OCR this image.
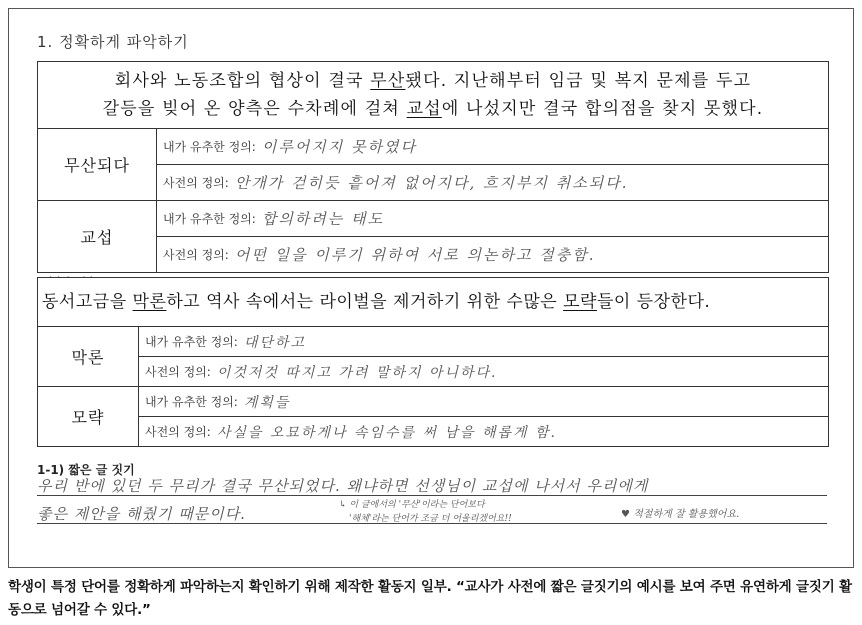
1. 정확하게 파악하기
회사와 노동조합의 협상이 결국 무산됐다. 지난해부터 임금 및 복지 문제를 두고
갈등을 빚어 온 양측은 수차례에 걸쳐 교섭에 나섰지만 결국 합의점을 찾지 못했다.	

무산되다	내가 유추한 정의: 이루어지지 못하였다

	사전의 정의: 안개가 걷히듯 흩어져 없어지다, 흐지부지 취소되다.

교섭	내가 유추한 정의: 합의하려는 태도

	사전의 정의: 어떤 일을 이루기 위하여 서로 의논하고 절충함.
동서고금을 막론하고 역사 속에서는 라이벌을 제거하기 위한 수많은 모략들이 등장한다.	

막론	내가 유추한 정의: 대단하고

	사전의 정의: 이것저것 따지고 가려 말하지 아니하다.

모략	내가 유추한 정의: 계획들

	사전의 정의: 사실을 오묘하게나 속임수를 써 남을 해롭게 함.
1-1) 짧은 글 짓기
우리 반에 있던 두 무리가 결국 무산되었다. 왜냐하면 선생님이 교섭에 나서서 우리에게
좋은 제안을 해줬기 때문이다.	↳ 이 글에서의 '무산'이라는 단어보다
'해체'라는 단어가 조금 더 어울리겠어요!!	♥ 적절하게 잘 활용했어요.
학생이 특정 단어를 정확하게 파악하는지 확인하기 위해 제작한 활동지 일부. “교사가 사전에 짧은 글짓기의 예시를 보여 주면 유연하게 글짓기 활동으로 넘어갈 수 있다.”
